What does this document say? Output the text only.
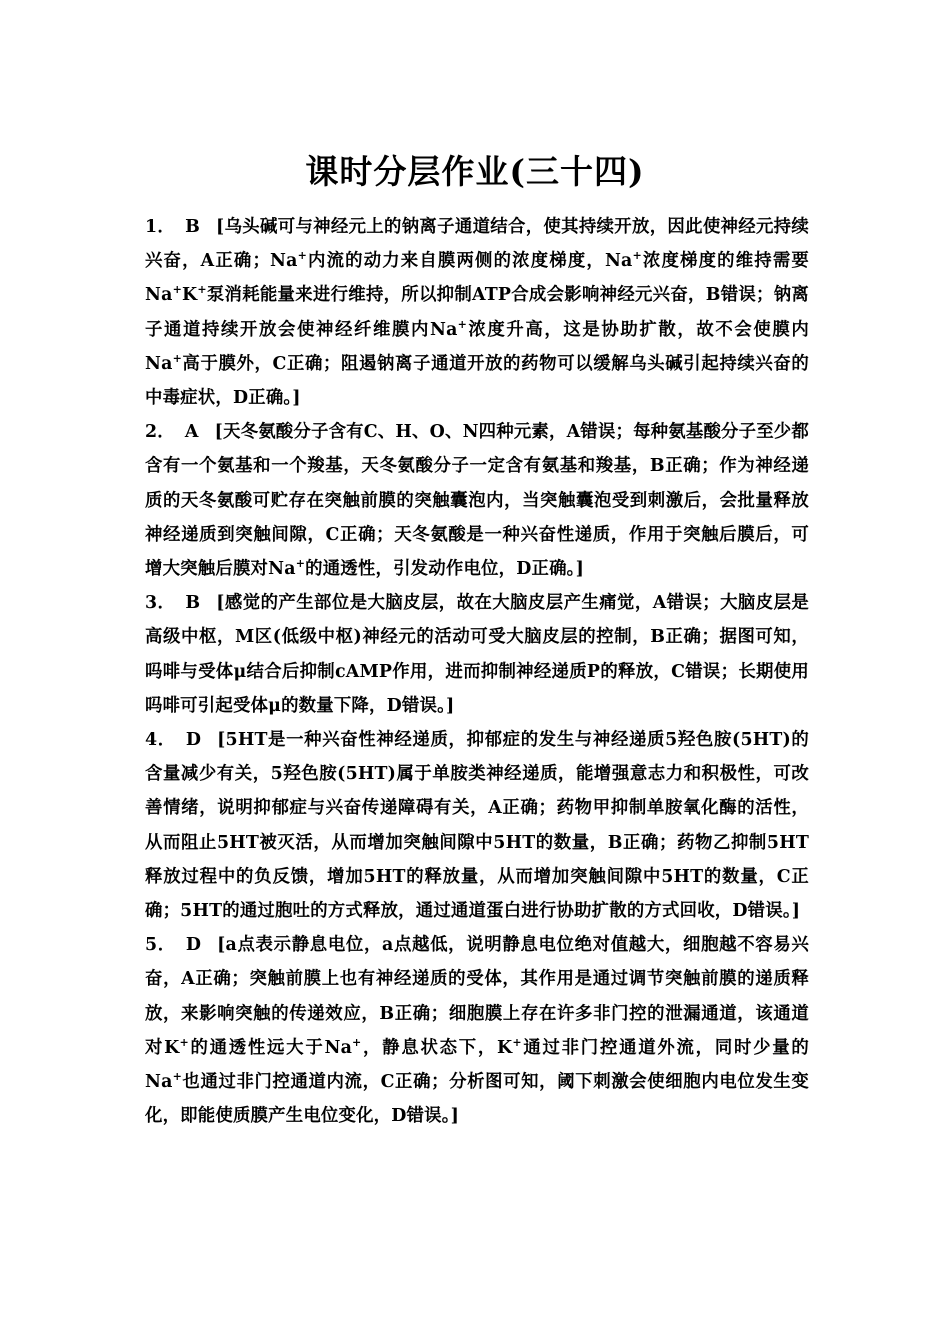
课时分层作业(三十四)
1． B [乌头碱可与神经元上的钠离子通道结合，使其持续开放，因此使神经元持续兴奋，A正确；Na+内流的动力来自膜两侧的浓度梯度，Na+浓度梯度的维持需要Na+K+泵消耗能量来进行维持，所以抑制ATP合成会影响神经元兴奋，B错误；钠离子通道持续开放会使神经纤维膜内Na+浓度升高，这是协助扩散，故不会使膜内Na+高于膜外，C正确；阻遏钠离子通道开放的药物可以缓解乌头碱引起持续兴奋的中毒症状，D正确。]
2． A [天冬氨酸分子含有C、H、O、N四种元素，A错误；每种氨基酸分子至少都含有一个氨基和一个羧基，天冬氨酸分子一定含有氨基和羧基，B正确；作为神经递质的天冬氨酸可贮存在突触前膜的突触囊泡内，当突触囊泡受到刺激后，会批量释放神经递质到突触间隙，C正确；天冬氨酸是一种兴奋性递质，作用于突触后膜后，可增大突触后膜对Na+的通透性，引发动作电位，D正确。]
3． B [感觉的产生部位是大脑皮层，故在大脑皮层产生痛觉，A错误；大脑皮层是高级中枢，M区(低级中枢)神经元的活动可受大脑皮层的控制，B正确；据图可知，吗啡与受体μ结合后抑制cAMP作用，进而抑制神经递质P的释放，C错误；长期使用吗啡可引起受体μ的数量下降，D错误。]
4． D [5HT是一种兴奋性神经递质，抑郁症的发生与神经递质5羟色胺(5HT)的含量减少有关，5羟色胺(5HT)属于单胺类神经递质，能增强意志力和积极性，可改善情绪，说明抑郁症与兴奋传递障碍有关，A正确；药物甲抑制单胺氧化酶的活性，从而阻止5HT被灭活，从而增加突触间隙中5HT的数量，B正确；药物乙抑制5HT释放过程中的负反馈，增加5HT的释放量，从而增加突触间隙中5HT的数量，C正确；5HT的通过胞吐的方式释放，通过通道蛋白进行协助扩散的方式回收，D错误。]
5． D [a点表示静息电位，a点越低，说明静息电位绝对值越大，细胞越不容易兴奋，A正确；突触前膜上也有神经递质的受体，其作用是通过调节突触前膜的递质释放，来影响突触的传递效应，B正确；细胞膜上存在许多非门控的泄漏通道，该通道对K+的通透性远大于Na+，静息状态下，K+通过非门控通道外流，同时少量的Na+也通过非门控通道内流，C正确；分析图可知，阈下刺激会使细胞内电位发生变化，即能使质膜产生电位变化，D错误。]
